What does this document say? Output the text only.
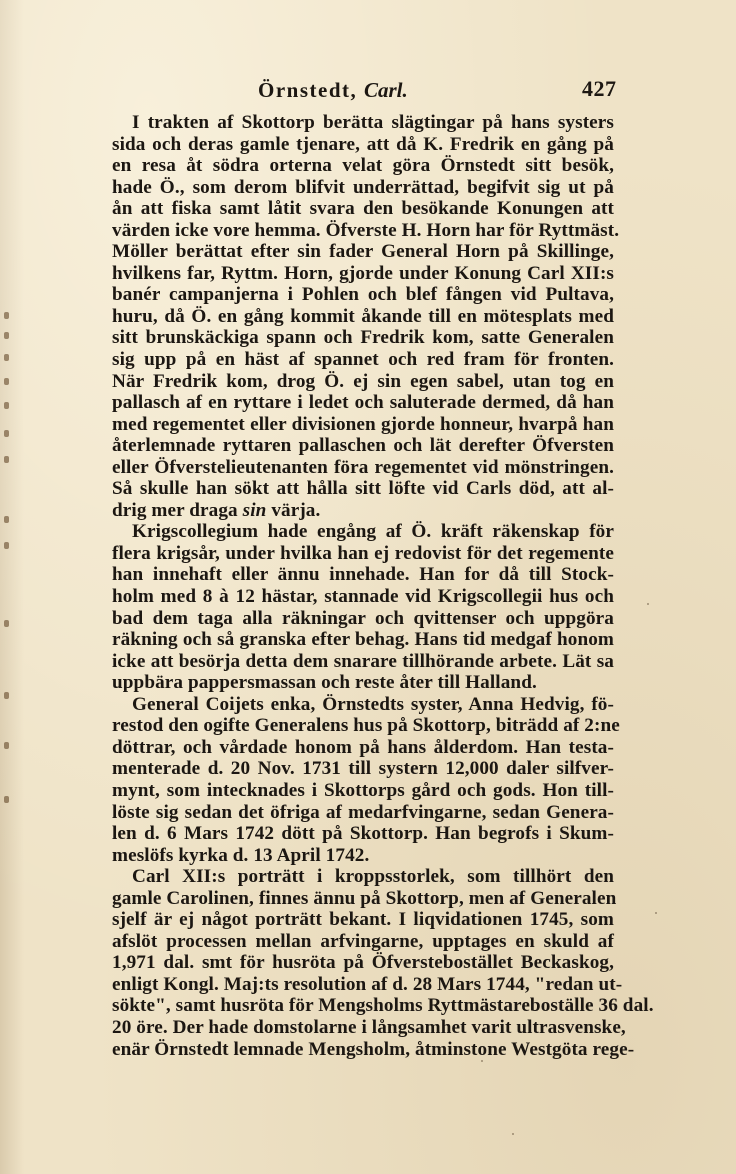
Örnstedt, Carl.	427
I trakten af Skottorp berätta slägtingar på hans systers
sida och deras gamle tjenare, att då K. Fredrik en gång på
en resa åt södra orterna velat göra Örnstedt sitt besök,
hade Ö., som derom blifvit underrättad, begifvit sig ut på
ån att fiska samt låtit svara den besökande Konungen att
värden icke vore hemma. Öfverste H. Horn har för Ryttmäst.
Möller berättat efter sin fader General Horn på Skillinge,
hvilkens far, Ryttm. Horn, gjorde under Konung Carl XII:s
banér campanjerna i Pohlen och blef fången vid Pultava,
huru, då Ö. en gång kommit åkande till en mötesplats med
sitt brunskäckiga spann och Fredrik kom, satte Generalen
sig upp på en häst af spannet och red fram för fronten.
När Fredrik kom, drog Ö. ej sin egen sabel, utan tog en
pallasch af en ryttare i ledet och saluterade dermed, då han
med regementet eller divisionen gjorde honneur, hvarpå han
återlemnade ryttaren pallaschen och lät derefter Öfversten
eller Öfverstelieutenanten föra regementet vid mönstringen.
Så skulle han sökt att hålla sitt löfte vid Carls död, att al-
drig mer draga sin värja.
Krigscollegium hade engång af Ö. kräft räkenskap för
flera krigsår, under hvilka han ej redovist för det regemente
han innehaft eller ännu innehade. Han for då till Stock-
holm med 8 à 12 hästar, stannade vid Krigscollegii hus och
bad dem taga alla räkningar och qvittenser och uppgöra
räkning och så granska efter behag. Hans tid medgaf honom
icke att besörja detta dem snarare tillhörande arbete. Lät sa
uppbära pappersmassan och reste åter till Halland.
General Coijets enka, Örnstedts syster, Anna Hedvig, fö-
restod den ogifte Generalens hus på Skottorp, biträdd af 2:ne
döttrar, och vårdade honom på hans ålderdom. Han testa-
menterade d. 20 Nov. 1731 till systern 12,000 daler silfver-
mynt, som intecknades i Skottorps gård och gods. Hon till-
löste sig sedan det öfriga af medarfvingarne, sedan Genera-
len d. 6 Mars 1742 dött på Skottorp. Han begrofs i Skum-
meslöfs kyrka d. 13 April 1742.
Carl XII:s porträtt i kroppsstorlek, som tillhört den
gamle Carolinen, finnes ännu på Skottorp, men af Generalen
sjelf är ej något porträtt bekant. I liqvidationen 1745, som
afslöt processen mellan arfvingarne, upptages en skuld af
1,971 dal. smt för husröta på Öfverstebostället Beckaskog,
enligt Kongl. Maj:ts resolution af d. 28 Mars 1744, "redan ut-
sökte", samt husröta för Mengsholms Ryttmästareboställe 36 dal.
20 öre. Der hade domstolarne i långsamhet varit ultrasvenske,
enär Örnstedt lemnade Mengsholm, åtminstone Westgöta rege-
